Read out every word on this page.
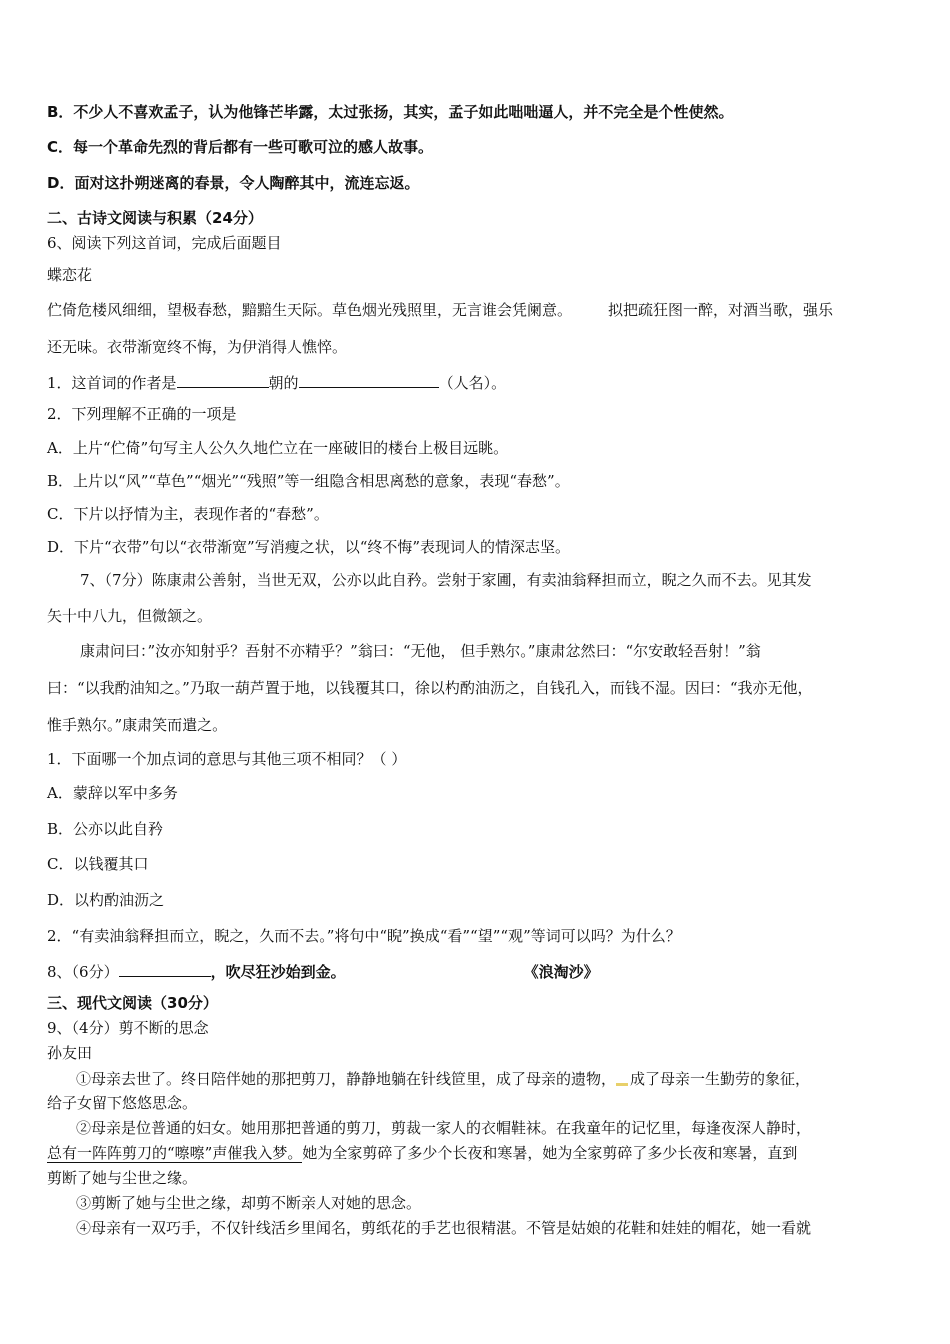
B．不少人不喜欢孟子，认为他锋芒毕露，太过张扬，其实，孟子如此咄咄逼人，并不完全是个性使然。
C．每一个革命先烈的背后都有一些可歌可泣的感人故事。
D．面对这扑朔迷离的春景，令人陶醉其中，流连忘返。
二、古诗文阅读与积累（24分）
6、阅读下列这首词，完成后面题目
蝶恋花
伫倚危楼风细细，望极春愁，黯黯生天际。草色烟光残照里，无言谁会凭阑意。 拟把疏狂图一醉，对酒当歌，强乐
还无味。衣带渐宽终不悔，为伊消得人憔悴。
1．这首词的作者是	朝的	（人名）。
2．下列理解不正确的一项是
A．上片“伫倚”句写主人公久久地伫立在一座破旧的楼台上极目远眺。
B．上片以“风”“草色”“烟光”“残照”等一组隐含相思离愁的意象，表现“春愁”。
C．下片以抒情为主，表现作者的“春愁”。
D．下片“衣带”句以“衣带渐宽”写消瘦之状，以“终不悔”表现词人的情深志坚。
7、（7分）陈康肃公善射，当世无双，公亦以此自矜。尝射于家圃，有卖油翁释担而立，睨之久而不去。见其发
矢十中八九，但微颔之。
康肃问曰：”汝亦知射乎？吾射不亦精乎？”翁曰：“无他， 但手熟尔。”康肃忿然曰：“尔安敢轻吾射！”翁
曰：“以我酌油知之。”乃取一葫芦置于地，以钱覆其口，徐以杓酌油沥之，自钱孔入，而钱不湿。因曰：“我亦无他，
惟手熟尔。”康肃笑而遣之。
1．下面哪一个加点词的意思与其他三项不相同？（ ）
A．蒙辞以军中多务
B．公亦以此自矜
C．以钱覆其口
D．以杓酌油沥之
2．“有卖油翁释担而立，睨之，久而不去。”将句中“睨”换成“看”“望”“观”等词可以吗？为什么？
8、（6分）	，吹尽狂沙始到金。	《浪淘沙》
三、现代文阅读（30分）
9、（4分）剪不断的思念
孙友田
①母亲去世了。终日陪伴她的那把剪刀，静静地躺在针线笸里，成了母亲的遗物， 成了母亲一生勤劳的象征，
给子女留下悠悠思念。
②母亲是位普通的妇女。她用那把普通的剪刀，剪裁一家人的衣帽鞋袜。在我童年的记忆里，每逢夜深人静时，
总有一阵阵剪刀的“嚓嚓”声催我入梦。她为全家剪碎了多少个长夜和寒暑，她为全家剪碎了多少长夜和寒暑，直到
剪断了她与尘世之缘。
③剪断了她与尘世之缘，却剪不断亲人对她的思念。
④母亲有一双巧手，不仅针线活乡里闻名，剪纸花的手艺也很精湛。不管是姑娘的花鞋和娃娃的帽花，她一看就
